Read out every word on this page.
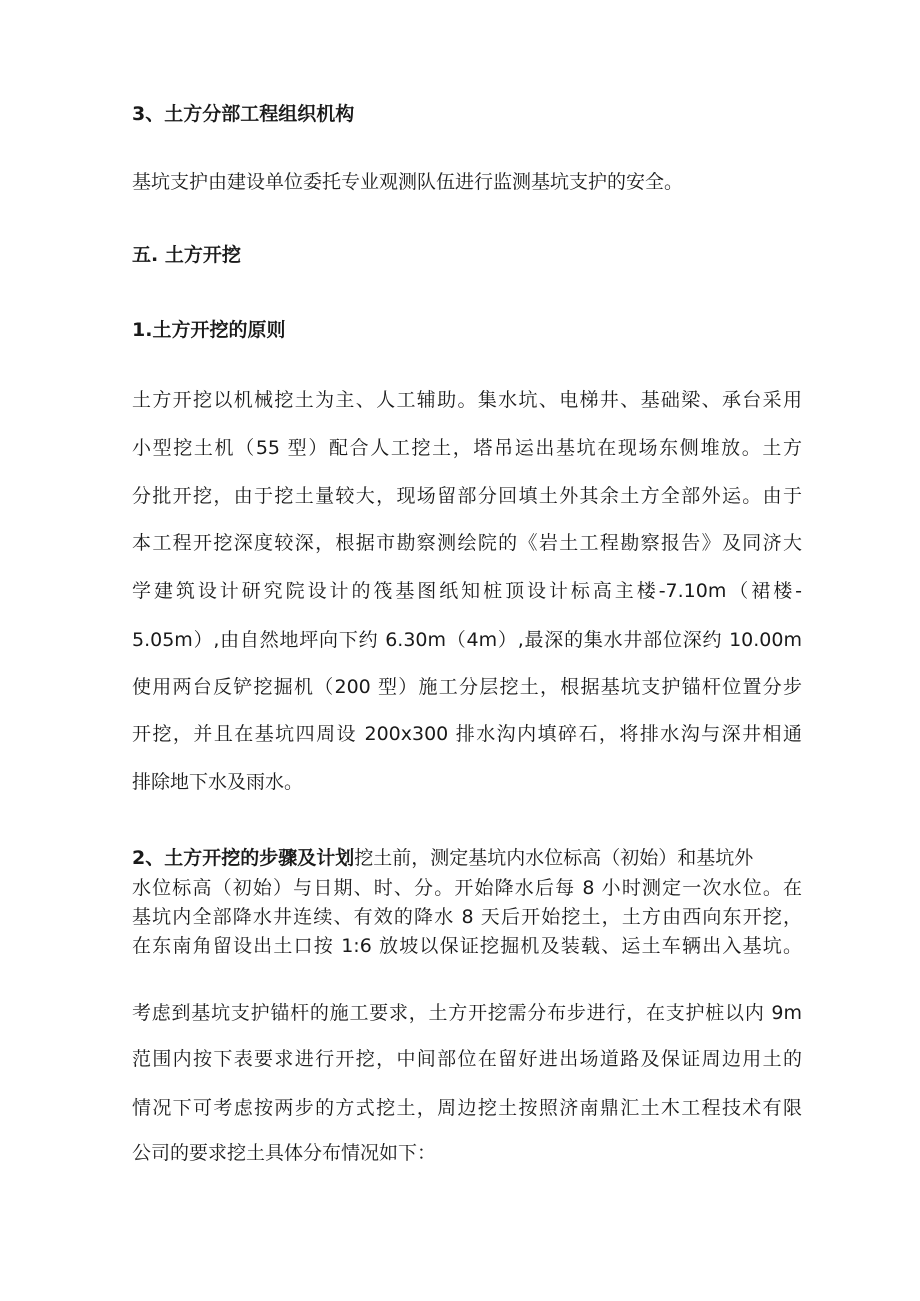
3、土方分部工程组织机构
基坑支护由建设单位委托专业观测队伍进行监测基坑支护的安全。
五. 土方开挖
1.土方开挖的原则
土方开挖以机械挖土为主、人工辅助。集水坑、电梯井、基础梁、承台采用
小型挖土机（55 型）配合人工挖土，塔吊运出基坑在现场东侧堆放。土方
分批开挖，由于挖土量较大，现场留部分回填土外其余土方全部外运。由于
本工程开挖深度较深，根据市勘察测绘院的《岩土工程勘察报告》及同济大
学建筑设计研究院设计的筏基图纸知桩顶设计标高主楼-7.10m（裙楼-
5.05m）,由自然地坪向下约 6.30m（4m）,最深的集水井部位深约 10.00m
使用两台反铲挖掘机（200 型）施工分层挖土，根据基坑支护锚杆位置分步
开挖，并且在基坑四周设 200x300 排水沟内填碎石，将排水沟与深井相通
排除地下水及雨水。
2、土方开挖的步骤及计划挖土前，测定基坑内水位标高（初始）和基坑外
水位标高（初始）与日期、时、分。开始降水后每 8 小时测定一次水位。在
基坑内全部降水井连续、有效的降水 8 天后开始挖土，土方由西向东开挖，
在东南角留设出土口按 1:6 放坡以保证挖掘机及装载、运土车辆出入基坑。
考虑到基坑支护锚杆的施工要求，土方开挖需分布步进行，在支护桩以内 9m
范围内按下表要求进行开挖，中间部位在留好进出场道路及保证周边用土的
情况下可考虑按两步的方式挖土，周边挖土按照济南鼎汇土木工程技术有限
公司的要求挖土具体分布情况如下：
